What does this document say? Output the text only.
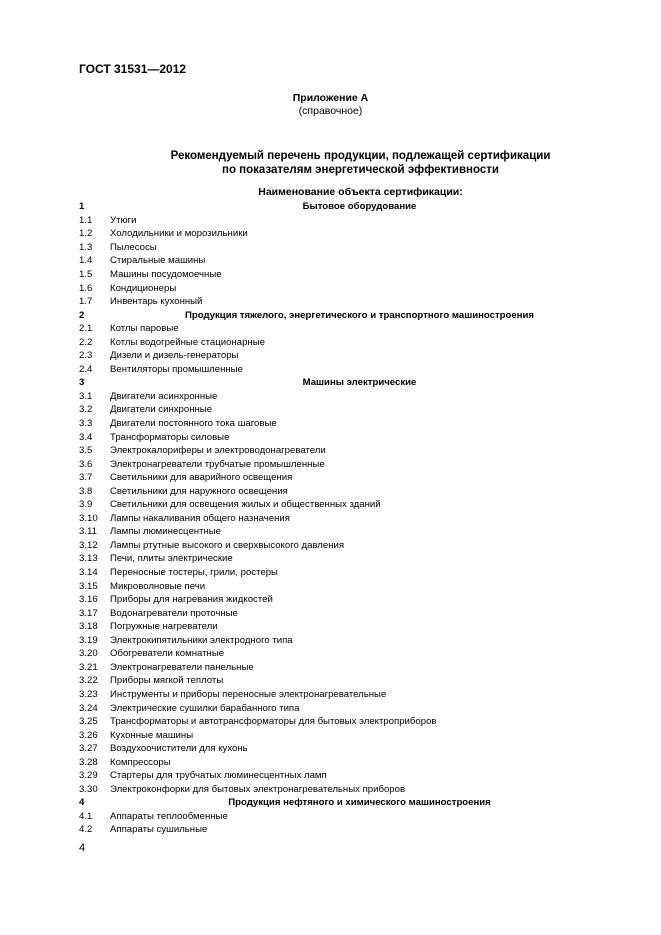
ГОСТ 31531—2012
Приложение А
(справочное)
Рекомендуемый перечень продукции, подлежащей сертификации
по показателям энергетической эффективности
Наименование объекта сертификации:
1	Бытовое оборудование
1.1	Утюги
1.2	Холодильники и морозильники
1.3	Пылесосы
1.4	Стиральные машины
1.5	Машины посудомоечные
1.6	Кондиционеры
1.7	Инвентарь кухонный
2	Продукция тяжелого, энергетического и транспортного машиностроения
2.1	Котлы паровые
2.2	Котлы водогрейные стационарные
2.3	Дизели и дизель-генераторы
2.4	Вентиляторы промышленные
3	Машины электрические
3.1	Двигатели асинхронные
3.2	Двигатели синхронные
3.3	Двигатели постоянного тока шаговые
3.4	Трансформаторы силовые
3.5	Электрокалориферы и электроводонагреватели
3.6	Электронагреватели трубчатые промышленные
3.7	Светильники для аварийного освещения
3.8	Светильники для наружного освещения
3.9	Светильники для освещения жилых и общественных зданий
3.10	Лампы накаливания общего назначения
3.11	Лампы люминесцентные
3.12	Лампы ртутные высокого и сверхвысокого давления
3.13	Печи, плиты электрические
3.14	Переносные тостеры, грили, ростеры
3.15	Микроволновые печи
3.16	Приборы для нагревания жидкостей
3.17	Водонагреватели проточные
3.18	Погружные нагреватели
3.19	Электрокипятильники электродного типа
3.20	Обогреватели комнатные
3.21	Электронагреватели панельные
3.22	Приборы мягкой теплоты
3.23	Инструменты и приборы переносные электронагревательные
3.24	Электрические сушилки барабанного типа
3.25	Трансформаторы и автотрансформаторы для бытовых электроприборов
3.26	Кухонные машины
3.27	Воздухоочистители для кухонь
3.28	Компрессоры
3.29	Стартеры для трубчатых люминесцентных ламп
3.30	Электроконфорки для бытовых электронагревательных приборов
4	Продукция нефтяного и химического машиностроения
4.1	Аппараты теплообменные
4.2	Аппараты сушильные
4
